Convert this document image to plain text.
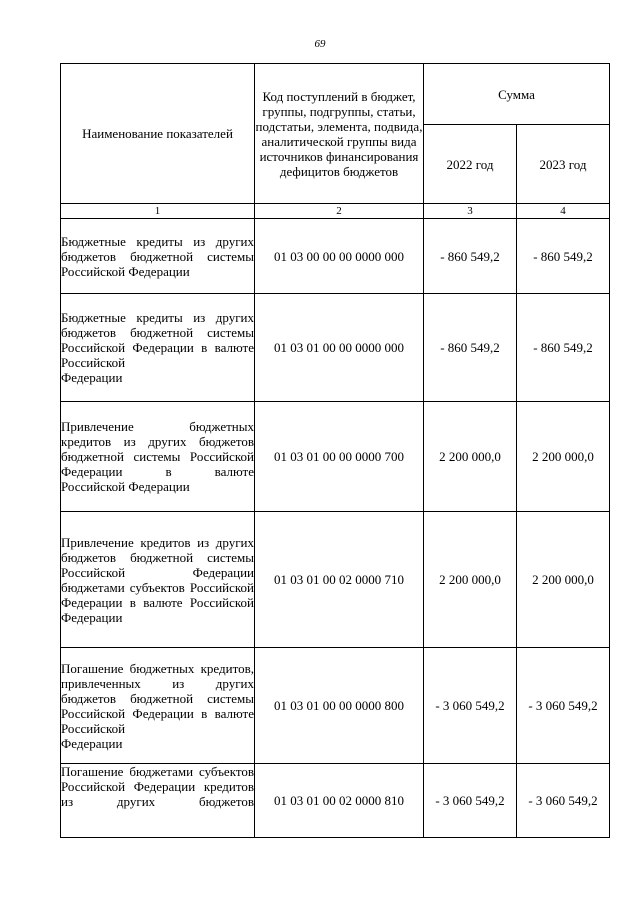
69
Наименование показателей	Код поступлений в бюджет, группы, подгруппы, статьи, подстатьи, элемента, подвида, аналитической группы вида источников финансирования дефицитов бюджетов	Сумма	
		2022 год	2023 год
1	2	3	4
Бюджетные кредиты из других бюджетов бюджетной системы
Российской Федерации	01 03 00 00 00 0000 000	- 860 549,2	- 860 549,2
Бюджетные кредиты из других бюджетов бюджетной системы Российской Федерации в валюте Российской
Федерации	01 03 01 00 00 0000 000	- 860 549,2	- 860 549,2
Привлечение бюджетных кредитов из других бюджетов бюджетной системы Российской Федерации в валюте
Российской Федерации	01 03 01 00 00 0000 700	2 200 000,0	2 200 000,0
Привлечение кредитов из других бюджетов бюджетной системы Российской Федерации бюджетами субъектов Российской Федерации в валюте Российской
Федерации	01 03 01 00 02 0000 710	2 200 000,0	2 200 000,0
Погашение бюджетных кредитов, привлеченных из других бюджетов бюджетной системы Российской Федерации в валюте Российской
Федерации	01 03 01 00 00 0000 800	- 3 060 549,2	- 3 060 549,2

Погашение бюджетами субъектов Российской Федерации кредитов из других бюджетов	01 03 01 00 02 0000 810	- 3 060 549,2	- 3 060 549,2
